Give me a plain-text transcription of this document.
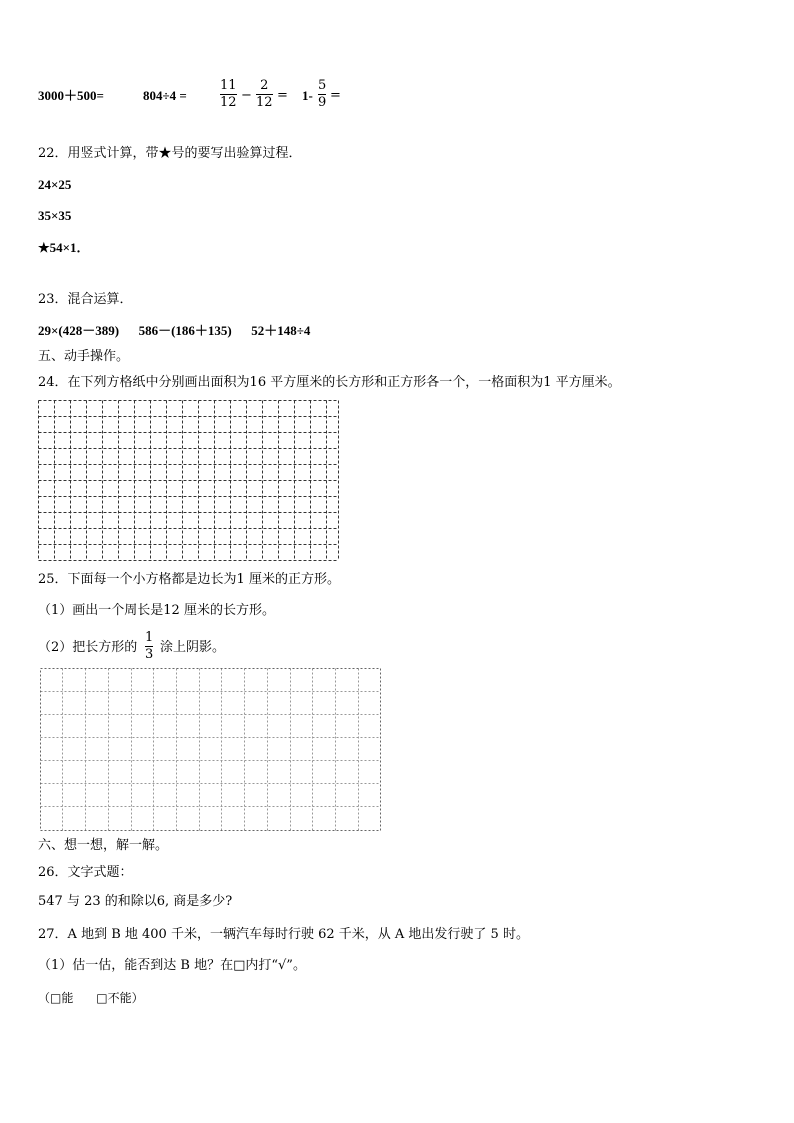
3000＋500=	804÷4 =
11
12 −
2
12 = 1-
5
9 =
22．用竖式计算，带★号的要写出验算过程．
24×25
35×35
★54×1．
23．混合运算．
29×(428－389)      586－(186＋135)      52＋148÷4
五、动手操作。
24．在下列方格纸中分别画出面积为16 平方厘米的长方形和正方形各一个，一格面积为1 平方厘米。
25．下面每一个小方格都是边长为1 厘米的正方形。
（1）画出一个周长是12 厘米的长方形。
（2）把长方形的
1
3 涂上阴影。
六、想一想，解一解。
26．文字式题：
547 与 23 的和除以6, 商是多少?
27．A 地到 B 地 400 千米，一辆汽车每时行驶 62 千米，从 A 地出发行驶了 5 时。
（1）估一估，能否到达 B 地？在□内打“√”。
（□能      □不能）
